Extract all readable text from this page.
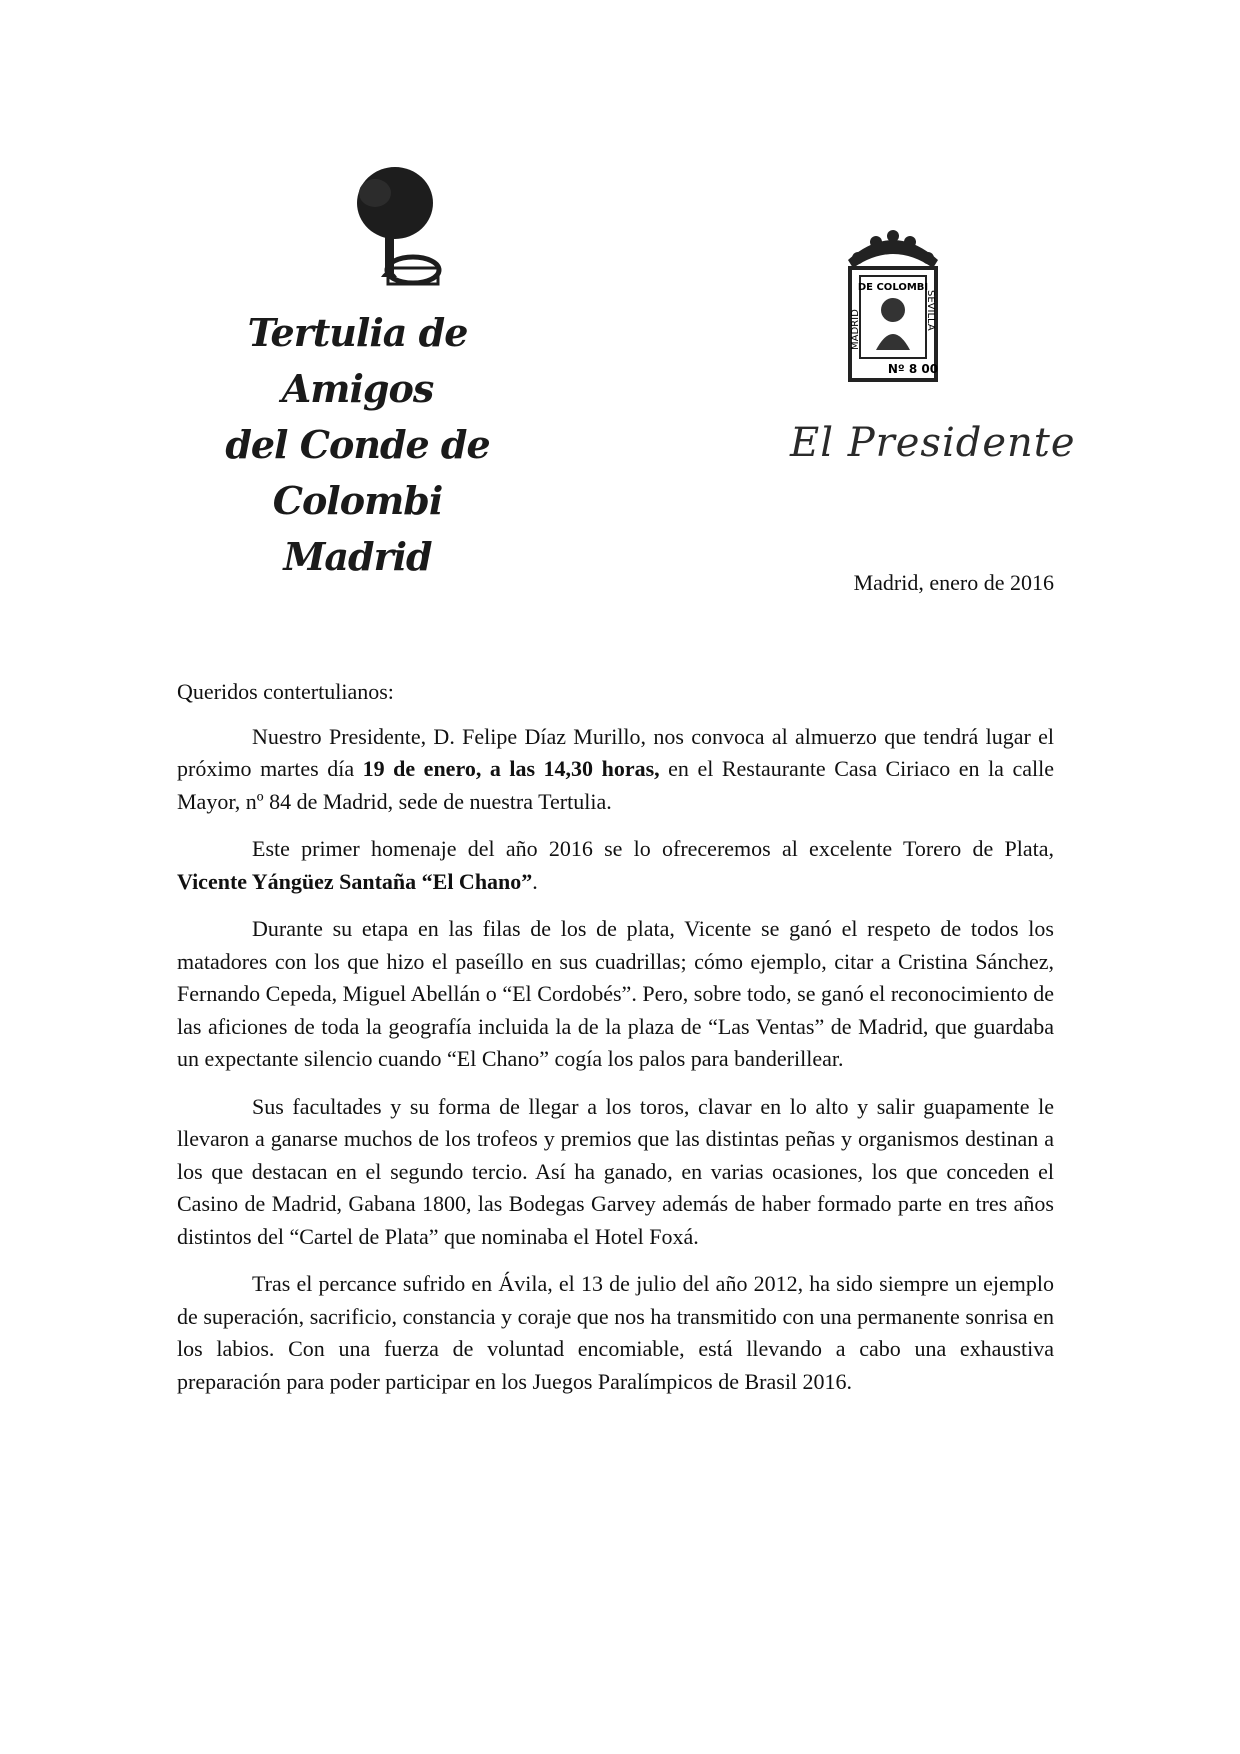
Tertulia de Amigos
del Conde de Colombi
Madrid
DE COLOMBI
MADRID	SEVILLA
Nº 8 00
El Presidente
Madrid, enero de 2016

Queridos contertulianos:

Nuestro Presidente, D. Felipe Díaz Murillo, nos convoca al almuerzo que tendrá lugar el próximo martes día 19 de enero, a las 14,30 horas, en el Restaurante Casa Ciriaco en la calle Mayor, nº 84 de Madrid, sede de nuestra Tertulia.

Este primer homenaje del año 2016 se lo ofreceremos al excelente Torero de Plata, Vicente Yángüez Santaña “El Chano”.

Durante su etapa en las filas de los de plata, Vicente se ganó el respeto de todos los matadores con los que hizo el paseíllo en sus cuadrillas; cómo ejemplo, citar a Cristina Sánchez, Fernando Cepeda, Miguel Abellán o “El Cordobés”. Pero, sobre todo, se ganó el reconocimiento de las aficiones de toda la geografía incluida la de la plaza de “Las Ventas” de Madrid, que guardaba un expectante silencio cuando “El Chano” cogía los palos para banderillear.

Sus facultades y su forma de llegar a los toros, clavar en lo alto y salir guapamente le llevaron a ganarse muchos de los trofeos y premios que las distintas peñas y organismos destinan a los que destacan en el segundo tercio. Así ha ganado, en varias ocasiones, los que conceden el Casino de Madrid, Gabana 1800, las Bodegas Garvey además de haber formado parte en tres años distintos del “Cartel de Plata” que nominaba el Hotel Foxá.

Tras el percance sufrido en Ávila, el 13 de julio del año 2012, ha sido siempre un ejemplo de superación, sacrificio, constancia y coraje que nos ha transmitido con una permanente sonrisa en los labios. Con una fuerza de voluntad encomiable, está llevando a cabo una exhaustiva preparación para poder participar en los Juegos Paralímpicos de Brasil 2016.
